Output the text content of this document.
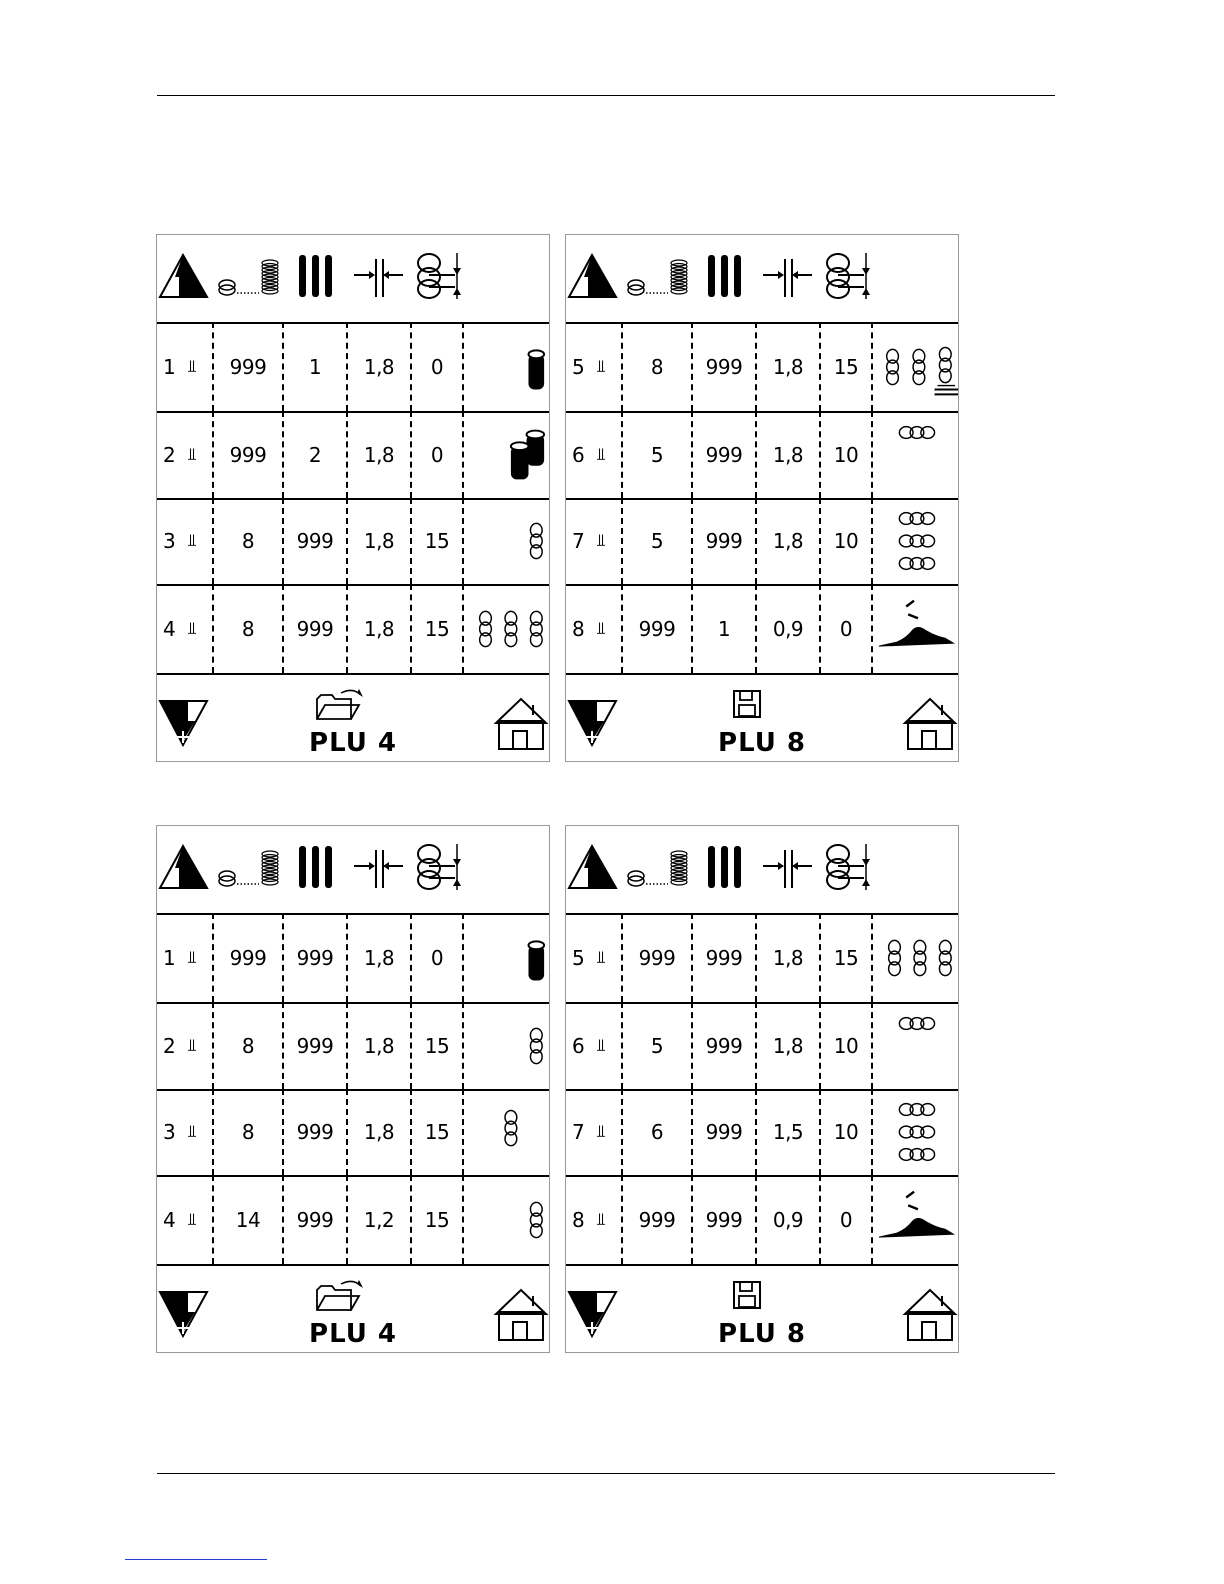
1 ⫫	999	1	1,8	0
2 ⫫	999	2	1,8	0
3 ⫫	8	999	1,8	15
4 ⫫	8	999	1,8	15
PLU 4
5 ⫫	8	999	1,8	15
6 ⫫	5	999	1,8	10
7 ⫫	5	999	1,8	10
8 ⫫	999	1	0,9	0
PLU 8
1 ⫫	999	999	1,8	0
2 ⫫	8	999	1,8	15
3 ⫫	8	999	1,8	15
4 ⫫	14	999	1,2	15
PLU 4
5 ⫫	999	999	1,8	15
6 ⫫	5	999	1,8	10
7 ⫫	6	999	1,5	10
8 ⫫	999	999	0,9	0
PLU 8
